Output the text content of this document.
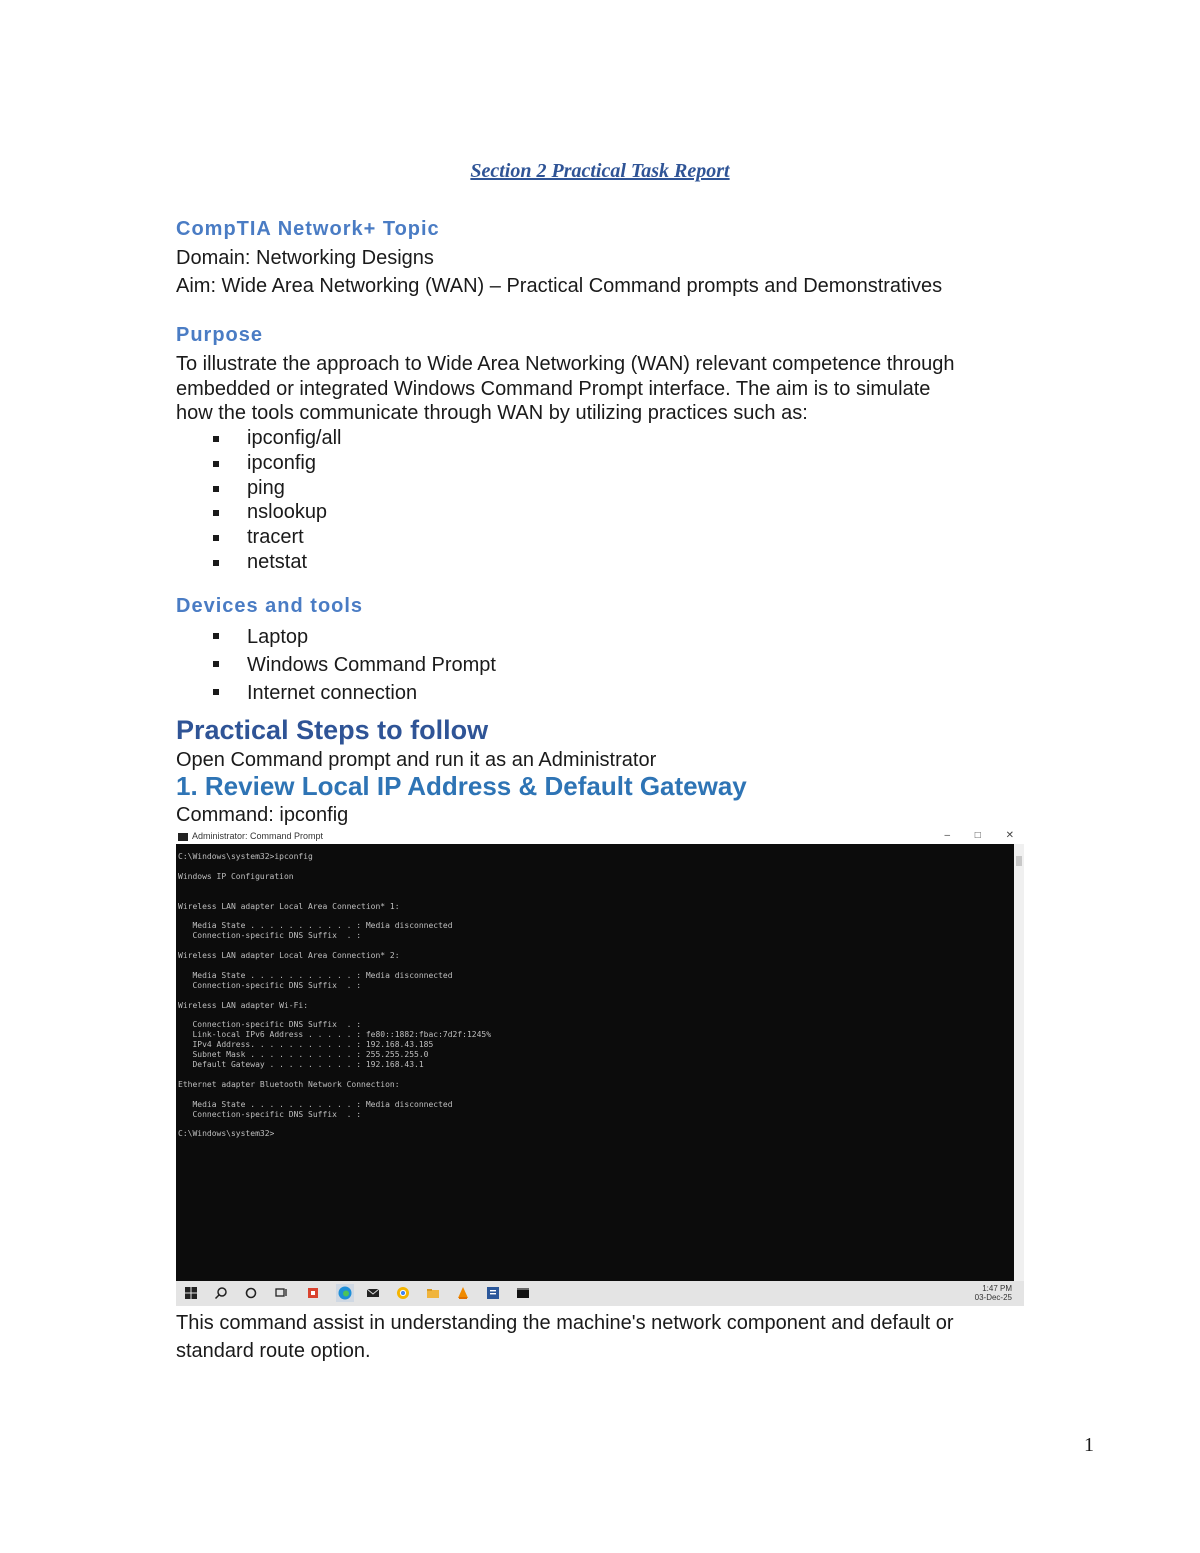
Section 2 Practical Task Report
CompTIA Network+ Topic
Domain: Networking Designs
Aim: Wide Area Networking (WAN) – Practical Command prompts and Demonstratives
Purpose
To illustrate the approach to Wide Area Networking (WAN) relevant competence through
embedded or integrated Windows Command Prompt interface. The aim is to simulate
how the tools communicate through WAN by utilizing practices such as:
ipconfig/all
ipconfig
ping
nslookup
tracert
netstat
Devices and tools
Laptop
Windows Command Prompt
Internet connection
Practical Steps to follow
Open Command prompt and run it as an Administrator
1. Review Local IP Address & Default Gateway
Command: ipconfig
This command assist in understanding the machine's network component and default or
standard route option.
Administrator: Command Prompt	– □ ✕
C:\Windows\system32>ipconfig

Windows IP Configuration

Wireless LAN adapter Local Area Connection* 1:

Media State . . . . . . . . . . . : Media disconnected
Connection-specific DNS Suffix  . :

Wireless LAN adapter Local Area Connection* 2:

Media State . . . . . . . . . . . : Media disconnected
Connection-specific DNS Suffix  . :

Wireless LAN adapter Wi-Fi:

Connection-specific DNS Suffix  . :
Link-local IPv6 Address . . . . . : fe80::1882:fbac:7d2f:1245%
IPv4 Address. . . . . . . . . . . : 192.168.43.185
Subnet Mask . . . . . . . . . . . : 255.255.255.0
Default Gateway . . . . . . . . . : 192.168.43.1

Ethernet adapter Bluetooth Network Connection:

Media State . . . . . . . . . . . : Media disconnected
Connection-specific DNS Suffix  . :

C:\Windows\system32>
1:47 PM
03-Dec-25
1
